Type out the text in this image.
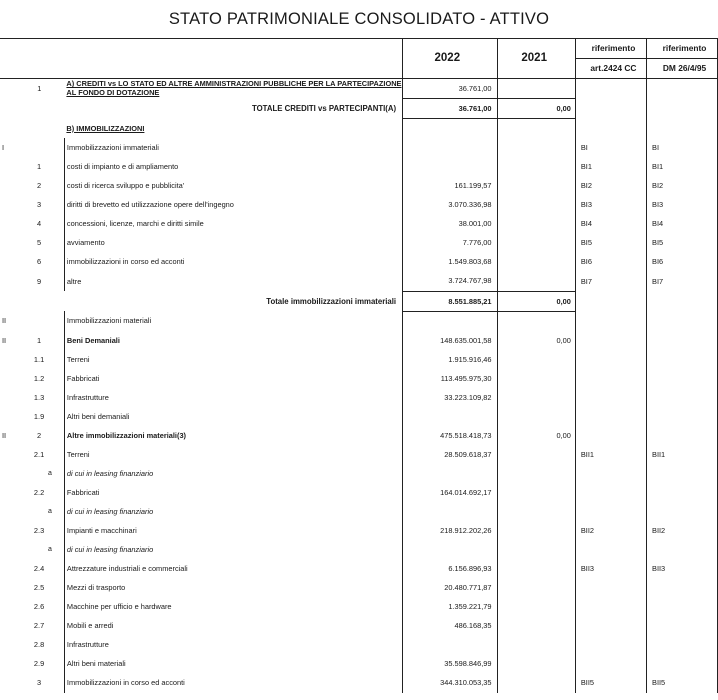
STATO PATRIMONIALE CONSOLIDATO - ATTIVO
			2022	2021	riferimento	riferimento
					art.2424 CC	DM 26/4/95
	1	A) CREDITI vs LO STATO ED ALTRE AMMINISTRAZIONI PUBBLICHE PER LA PARTECIPAZIONE AL FONDO DI DOTAZIONE	36.761,00			
		TOTALE CREDITI vs PARTECIPANTI(A)	36.761,00	0,00		
		B) IMMOBILIZZAZIONI				
I		Immobilizzazioni immateriali			BI	BI
	1	costi di impianto e di ampliamento			BI1	BI1
	2	costi di ricerca sviluppo e pubblicita'	161.199,57		BI2	BI2
	3	diritti di brevetto ed utilizzazione opere dell'ingegno	3.070.336,98		BI3	BI3
	4	concessioni, licenze, marchi e diritti simile	38.001,00		BI4	BI4
	5	avviamento	7.776,00		BI5	BI5
	6	immobilizzazioni in corso ed acconti	1.549.803,68		BI6	BI6
	9	altre	3.724.767,98		BI7	BI7
		Totale immobilizzazioni immateriali	8.551.885,21	0,00		
II		Immobilizzazioni materiali				
II	1	Beni Demaniali	148.635.001,58	0,00		
	1.1	Terreni	1.915.916,46			
	1.2	Fabbricati	113.495.975,30			
	1.3	Infrastrutture	33.223.109,82			
	1.9	Altri beni demaniali				
II	2	Altre immobilizzazioni materiali(3)	475.518.418,73	0,00		
	2.1	Terreni	28.509.618,37		BII1	BII1
	a	di cui in leasing finanziario				
	2.2	Fabbricati	164.014.692,17			
	a	di cui in leasing finanziario				
	2.3	Impianti e macchinari	218.912.202,26		BII2	BII2
	a	di cui in leasing finanziario				
	2.4	Attrezzature industriali e commerciali	6.156.896,93		BII3	BII3
	2.5	Mezzi di trasporto	20.480.771,87			
	2.6	Macchine per ufficio e hardware	1.359.221,79			
	2.7	Mobili e arredi	486.168,35			
	2.8	Infrastrutture				
	2.9	Altri beni materiali	35.598.846,99			
	3	Immobilizzazioni in corso ed acconti	344.310.053,35		BII5	BII5
